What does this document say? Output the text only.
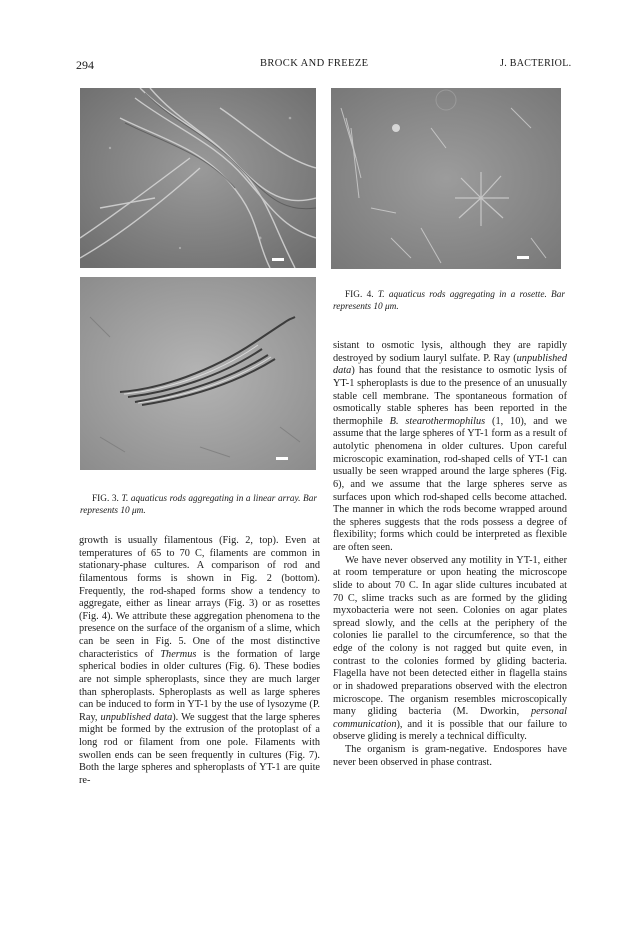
294	BROCK AND FREEZE	J. BACTERIOL.
FIG. 4. T. aquaticus rods aggregating in a rosette. Bar represents 10 μm.
FIG. 3. T. aquaticus rods aggregating in a linear array. Bar represents 10 μm.

growth is usually filamentous (Fig. 2, top). Even at temperatures of 65 to 70 C, filaments are common in stationary-phase cultures. A comparison of rod and filamentous forms is shown in Fig. 2 (bottom). Frequently, the rod-shaped forms show a tendency to aggregate, either as linear arrays (Fig. 3) or as rosettes (Fig. 4). We attribute these aggregation phenomena to the presence on the surface of the organism of a slime, which can be seen in Fig. 5. One of the most distinctive characteristics of Thermus is the formation of large spherical bodies in older cultures (Fig. 6). These bodies are not simple spheroplasts, since they are much larger than spheroplasts. Spheroplasts as well as large spheres can be induced to form in YT-1 by the use of lysozyme (P. Ray, unpublished data). We suggest that the large spheres might be formed by the extrusion of the protoplast of a long rod or filament from one pole. Filaments with swollen ends can be seen frequently in cultures (Fig. 7). Both the large spheres and spheroplasts of YT-1 are quite re-

sistant to osmotic lysis, although they are rapidly destroyed by sodium lauryl sulfate. P. Ray (unpublished data) has found that the resistance to osmotic lysis of YT-1 spheroplasts is due to the presence of an unusually stable cell membrane. The spontaneous formation of osmotically stable spheres has been reported in the thermophile B. stearothermophilus (1, 10), and we assume that the large spheres of YT-1 form as a result of autolytic phenomena in older cultures. Upon careful microscopic examination, rod-shaped cells of YT-1 can usually be seen wrapped around the large spheres (Fig. 6), and we assume that the large spheres serve as surfaces upon which rod-shaped cells become attached. The manner in which the rods become wrapped around the spheres suggests that the rods possess a degree of flexibility; forms which could be interpreted as flexible are often seen.

We have never observed any motility in YT-1, either at room temperature or upon heating the microscope slide to about 70 C. In agar slide cultures incubated at 70 C, slime tracks such as are formed by the gliding myxobacteria were not seen. Colonies on agar plates spread slowly, and the cells at the periphery of the colonies lie parallel to the circumference, so that the edge of the colony is not ragged but quite even, in contrast to the colonies formed by gliding bacteria. Flagella have not been detected either in flagella stains or in shadowed preparations observed with the electron microscope. The organism resembles microscopically many gliding bacteria (M. Dworkin, personal communication), and it is possible that our failure to observe gliding is merely a technical difficulty.

The organism is gram-negative. Endospores have never been observed in phase contrast.
